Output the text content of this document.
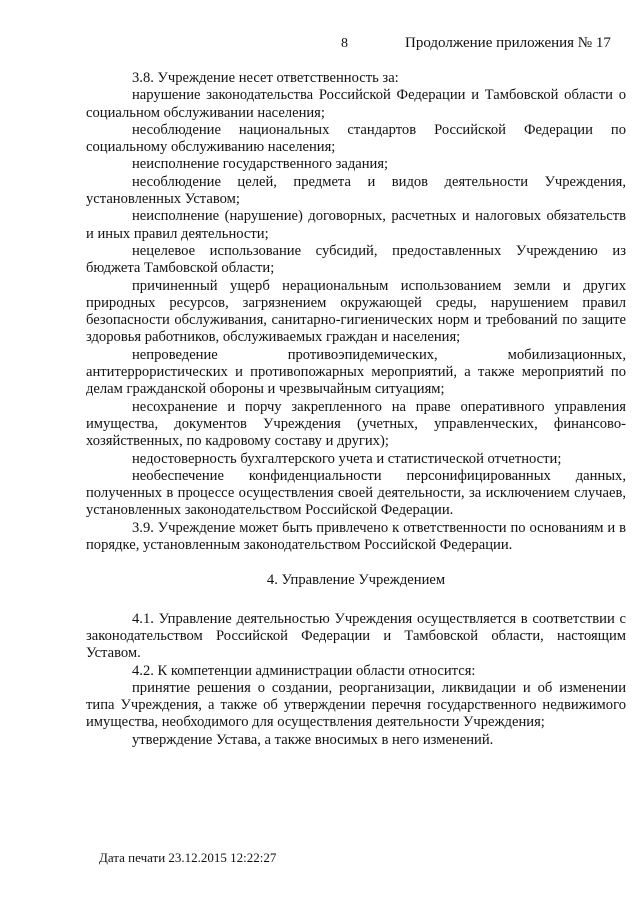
8	Продолжение приложения № 17

3.8. Учреждение несет ответственность за:

нарушение законодательства Российской Федерации и Тамбовской области о социальном обслуживании населения;

несоблюдение национальных стандартов Российской Федерации по социальному обслуживанию населения;

неисполнение государственного задания;

несоблюдение целей, предмета и видов деятельности Учреждения, установленных Уставом;

неисполнение (нарушение) договорных, расчетных и налоговых обязательств и иных правил деятельности;

нецелевое использование субсидий, предоставленных Учреждению из бюджета Тамбовской области;

причиненный ущерб нерациональным использованием земли и других природных ресурсов, загрязнением окружающей среды, нарушением правил безопасности обслуживания, санитарно-гигиенических норм и требований по защите здоровья работников, обслуживаемых граждан и населения;

непроведение противоэпидемических, мобилизационных, антитеррористических и противопожарных мероприятий, а также мероприятий по делам гражданской обороны и чрезвычайным ситуациям;

несохранение и порчу закрепленного на праве оперативного управления имущества, документов Учреждения (учетных, управленческих, финансово-хозяйственных, по кадровому составу и других);

недостоверность бухгалтерского учета и статистической отчетности;

необеспечение конфиденциальности персонифицированных данных, полученных в процессе осуществления своей деятельности, за исключением случаев, установленных законодательством Российской Федерации.

3.9. Учреждение может быть привлечено к ответственности по основаниям и в порядке, установленным законодательством Российской Федерации.

4. Управление Учреждением

4.1. Управление деятельностью Учреждения осуществляется в соответствии с законодательством Российской Федерации и Тамбовской области, настоящим Уставом.

4.2. К компетенции администрации области относится:

принятие решения о создании, реорганизации, ликвидации и об изменении типа Учреждения, а также об утверждении перечня государственного недвижимого имущества, необходимого для осуществления деятельности Учреждения;

утверждение Устава, а также вносимых в него изменений.

Дата печати 23.12.2015 12:22:27
